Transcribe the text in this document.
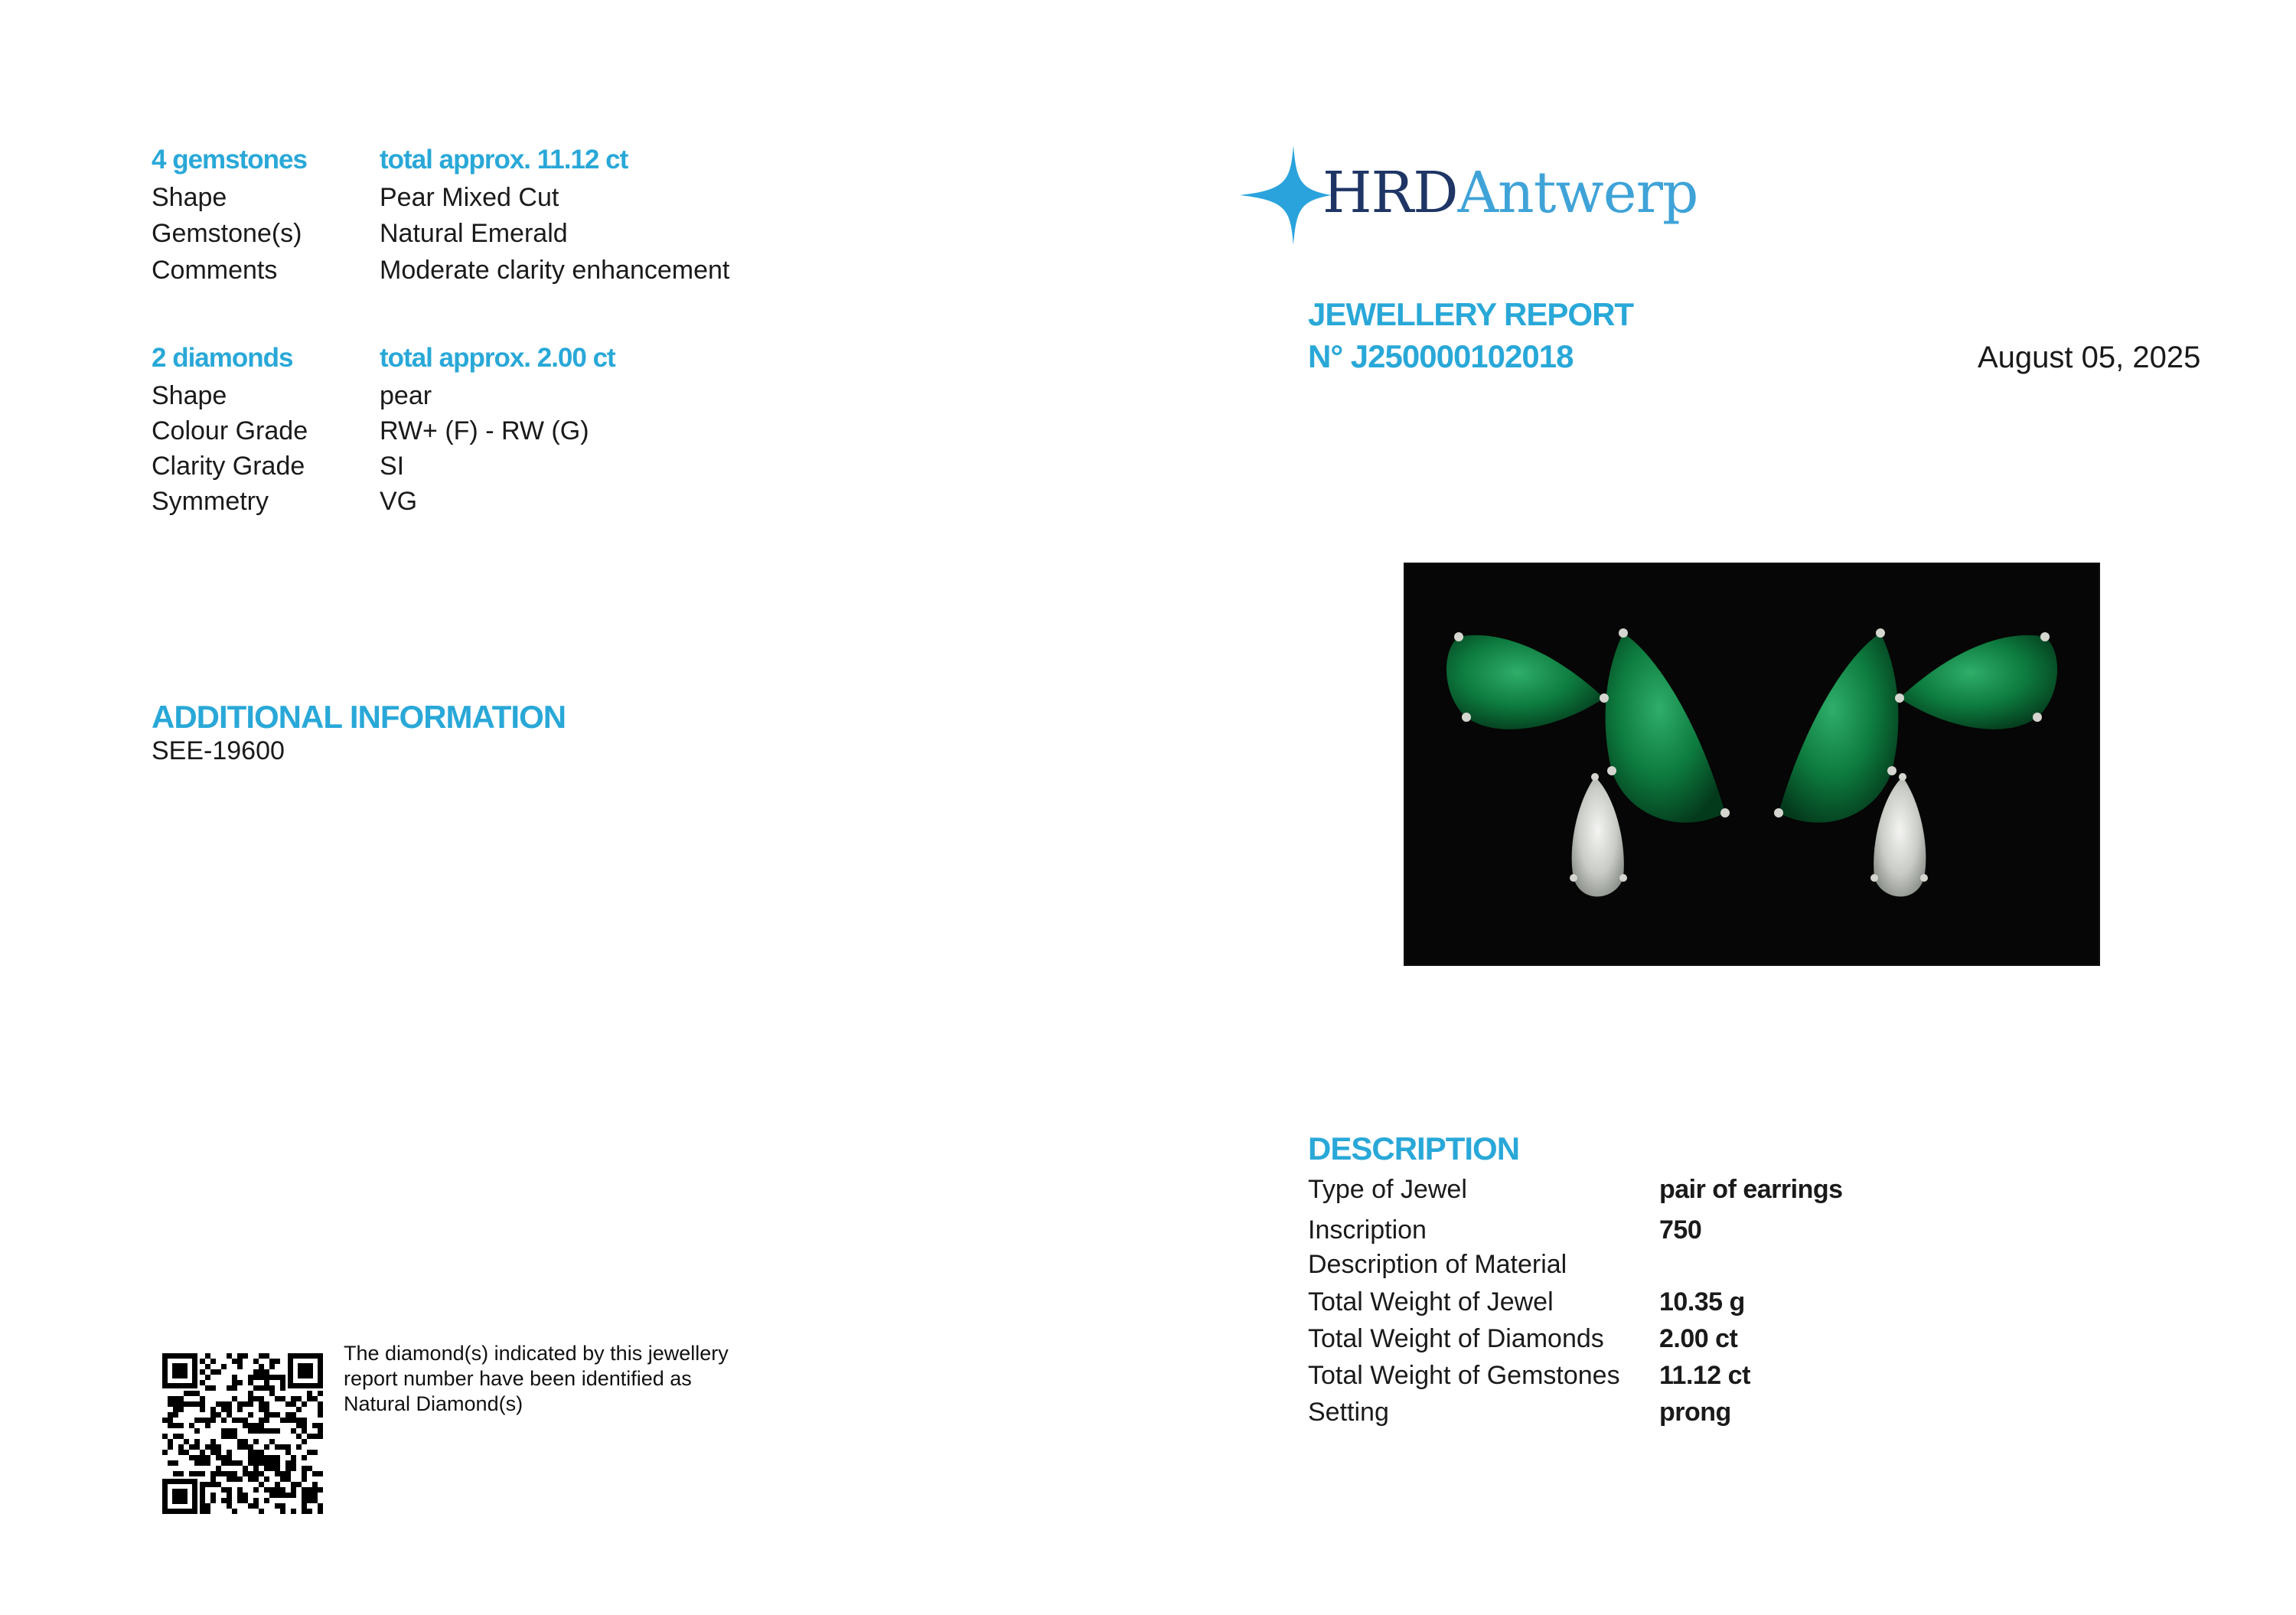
4 gemstones	total approx. 11.12 ct
Shape	Pear Mixed Cut
Gemstone(s)	Natural Emerald
Comments	Moderate clarity enhancement
2 diamonds	total approx. 2.00 ct
Shape	pear
Colour Grade	RW+ (F) - RW (G)
Clarity Grade	SI
Symmetry	VG
ADDITIONAL INFORMATION
SEE-19600
The diamond(s) indicated by this jewellery
report number have been identified as
Natural Diamond(s)
HRDAntwerp
JEWELLERY REPORT
N° J250000102018	August 05, 2025
DESCRIPTION
Type of Jewel	pair of earrings
Inscription	750
Description of Material
Total Weight of Jewel	10.35 g
Total Weight of Diamonds 2.00 ct
Total Weight of Gemstones 11.12 ct
Setting	prong
